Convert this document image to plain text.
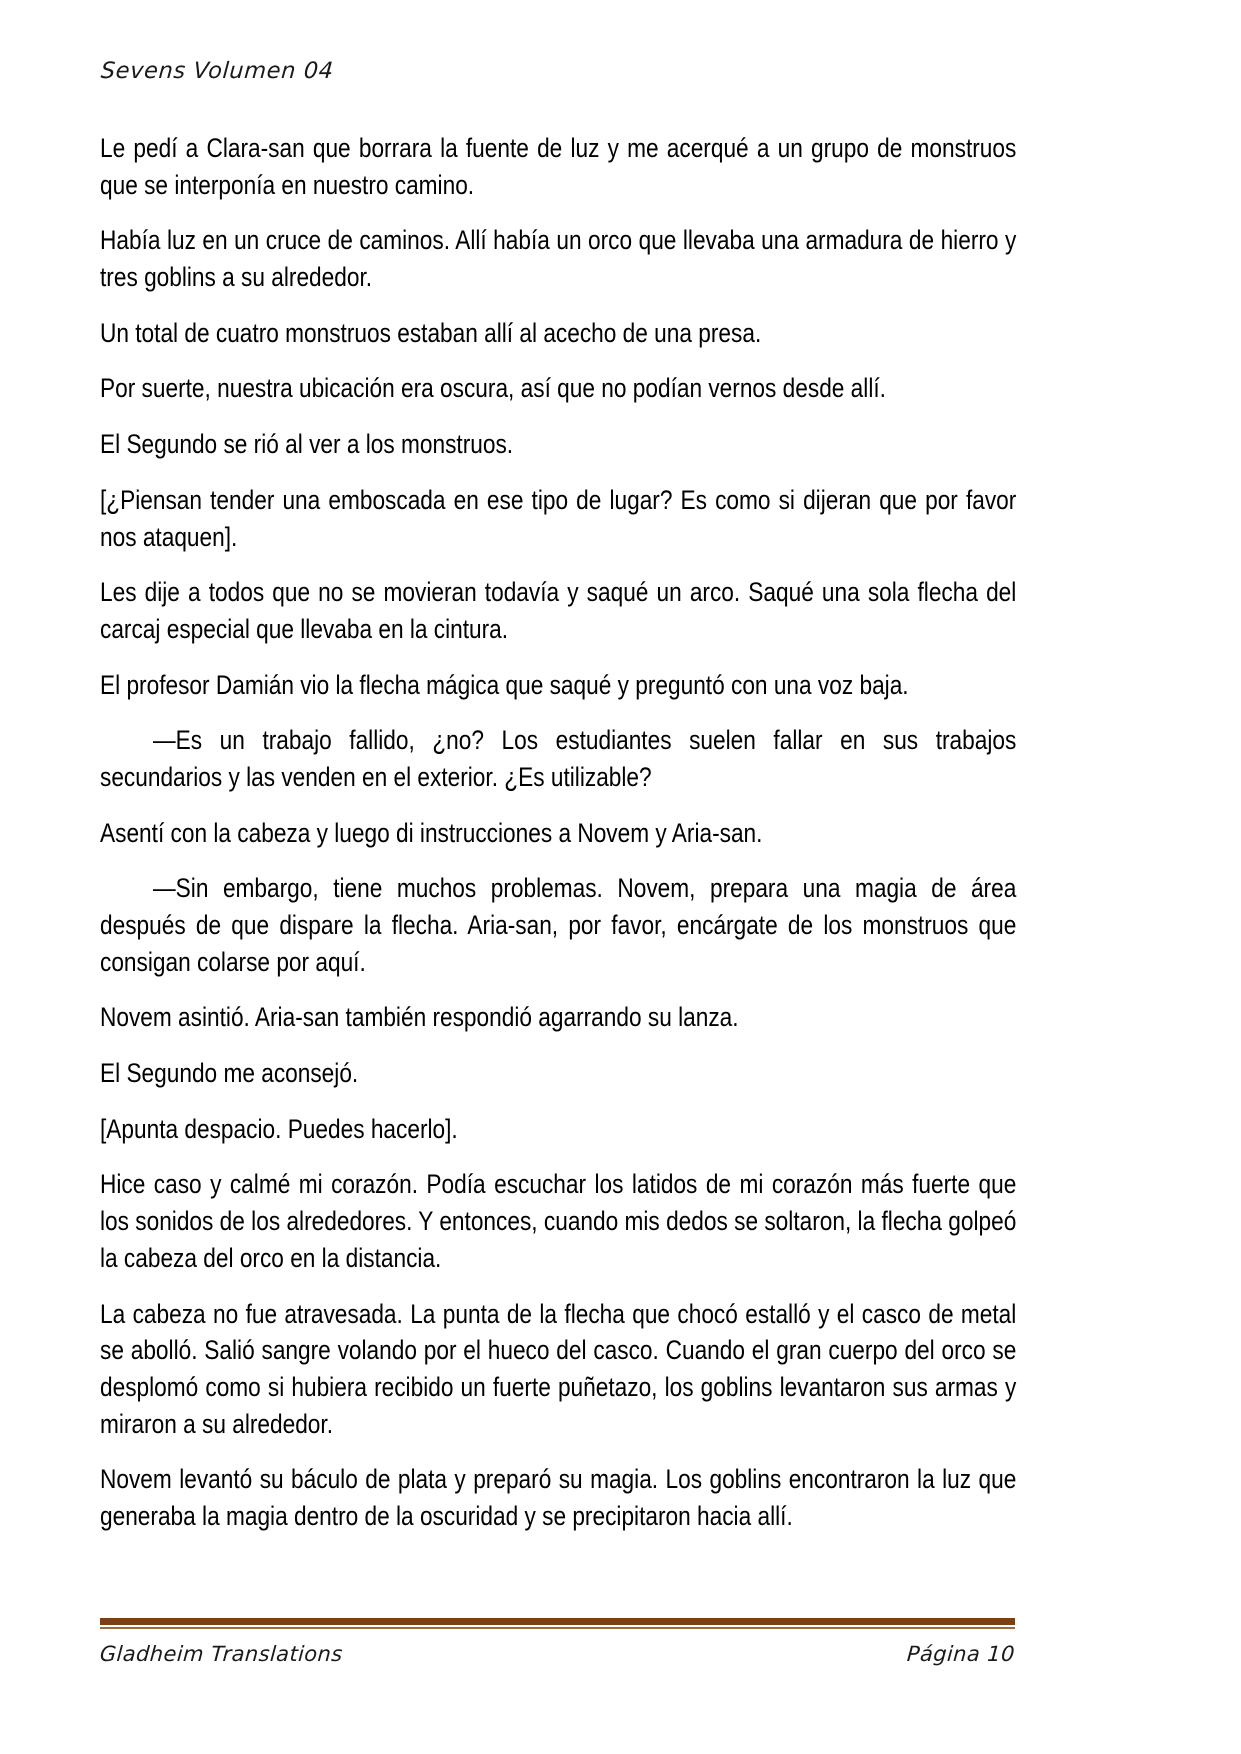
Sevens Volumen 04

Le pedí a Clara-san que borrara la fuente de luz y me acerqué a un grupo de monstruos que se interponía en nuestro camino.

Había luz en un cruce de caminos. Allí había un orco que llevaba una armadura de hierro y tres goblins a su alrededor.

Un total de cuatro monstruos estaban allí al acecho de una presa.

Por suerte, nuestra ubicación era oscura, así que no podían vernos desde allí.

El Segundo se rió al ver a los monstruos.

[¿Piensan tender una emboscada en ese tipo de lugar? Es como si dijeran que por favor nos ataquen].

Les dije a todos que no se movieran todavía y saqué un arco. Saqué una sola flecha del carcaj especial que llevaba en la cintura.

El profesor Damián vio la flecha mágica que saqué y preguntó con una voz baja.

—Es un trabajo fallido, ¿no? Los estudiantes suelen fallar en sus trabajos secundarios y las venden en el exterior. ¿Es utilizable?

Asentí con la cabeza y luego di instrucciones a Novem y Aria-san.

—Sin embargo, tiene muchos problemas. Novem, prepara una magia de área después de que dispare la flecha. Aria-san, por favor, encárgate de los monstruos que consigan colarse por aquí.

Novem asintió. Aria-san también respondió agarrando su lanza.

El Segundo me aconsejó.

[Apunta despacio. Puedes hacerlo].

Hice caso y calmé mi corazón. Podía escuchar los latidos de mi corazón más fuerte que los sonidos de los alrededores. Y entonces, cuando mis dedos se soltaron, la flecha golpeó la cabeza del orco en la distancia.

La cabeza no fue atravesada. La punta de la flecha que chocó estalló y el casco de metal se abolló. Salió sangre volando por el hueco del casco. Cuando el gran cuerpo del orco se desplomó como si hubiera recibido un fuerte puñetazo, los goblins levantaron sus armas y miraron a su alrededor.

Novem levantó su báculo de plata y preparó su magia. Los goblins encontraron la luz que generaba la magia dentro de la oscuridad y se precipitaron hacia allí.

Gladheim Translations	Página 10
